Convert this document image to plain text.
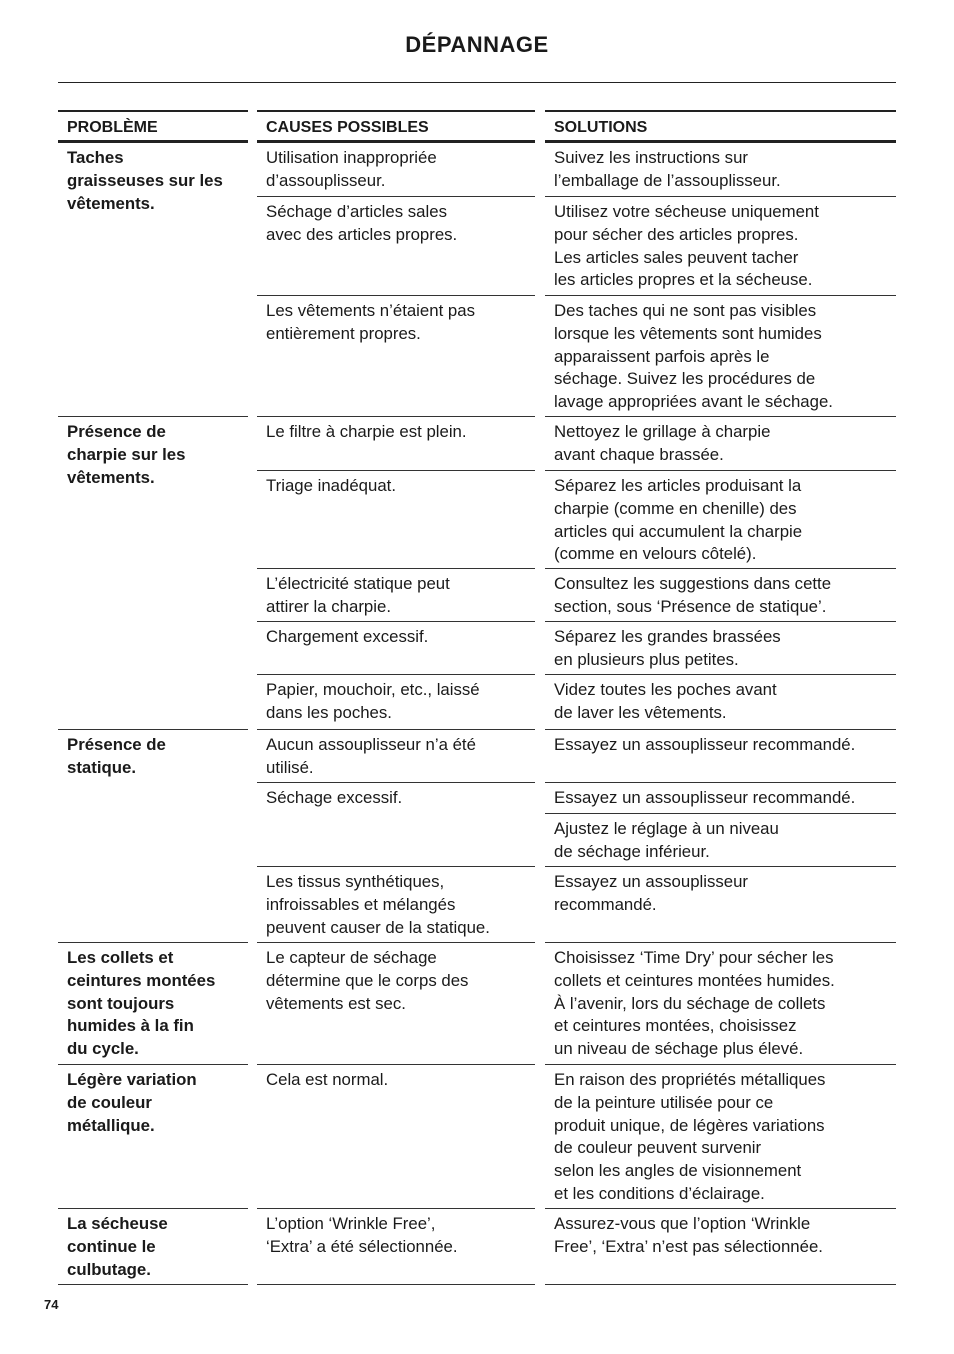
DÉPANNAGE
PROBLÈME
Taches
graisseuses sur les
vêtements.
Présence de
charpie sur les
vêtements.
Présence de
statique.
Les collets et
ceintures montées
sont toujours
humides à la fin
du cycle.
Légère variation
de couleur
métallique.
La sécheuse
continue le
culbutage.
CAUSES POSSIBLES
Utilisation inappropriée
d’assouplisseur.
Séchage d’articles sales
avec des articles propres.
Les vêtements n’étaient pas
entièrement propres.
Le filtre à charpie est plein.
Triage inadéquat.
L’électricité statique peut
attirer la charpie.
Chargement excessif.
Papier, mouchoir, etc., laissé
dans les poches.
Aucun assouplisseur n’a été
utilisé.
Séchage excessif.
Les tissus synthétiques,
infroissables et mélangés
peuvent causer de la statique.
Le capteur de séchage
détermine que le corps des
vêtements est sec.
Cela est normal.
L’option ‘Wrinkle Free’,
‘Extra’ a été sélectionnée.
SOLUTIONS
Suivez les instructions sur
l’emballage de l’assouplisseur.
Utilisez votre sécheuse uniquement
pour sécher des articles propres.
Les articles sales peuvent tacher
les articles propres et la sécheuse.
Des taches qui ne sont pas visibles
lorsque les vêtements sont humides
apparaissent parfois après le
séchage. Suivez les procédures de
lavage appropriées avant le séchage.
Nettoyez le grillage à charpie
avant chaque brassée.
Séparez les articles produisant la
charpie (comme en chenille) des
articles qui accumulent la charpie
(comme en velours côtelé).
Consultez les suggestions dans cette
section, sous ‘Présence de statique’.
Séparez les grandes brassées
en plusieurs plus petites.
Videz toutes les poches avant
de laver les vêtements.
Essayez un assouplisseur recommandé.
Essayez un assouplisseur recommandé.
Ajustez le réglage à un niveau
de séchage inférieur.
Essayez un assouplisseur
recommandé.
Choisissez ‘Time Dry’ pour sécher les
collets et ceintures montées humides.
À l’avenir, lors du séchage de collets
et ceintures montées, choisissez
un niveau de séchage plus élevé.
En raison des propriétés métalliques
de la peinture utilisée pour ce
produit unique, de légères variations
de couleur peuvent survenir
selon les angles de visionnement
et les conditions d’éclairage.
Assurez-vous que l’option ‘Wrinkle
Free’, ‘Extra’ n’est pas sélectionnée.
74
